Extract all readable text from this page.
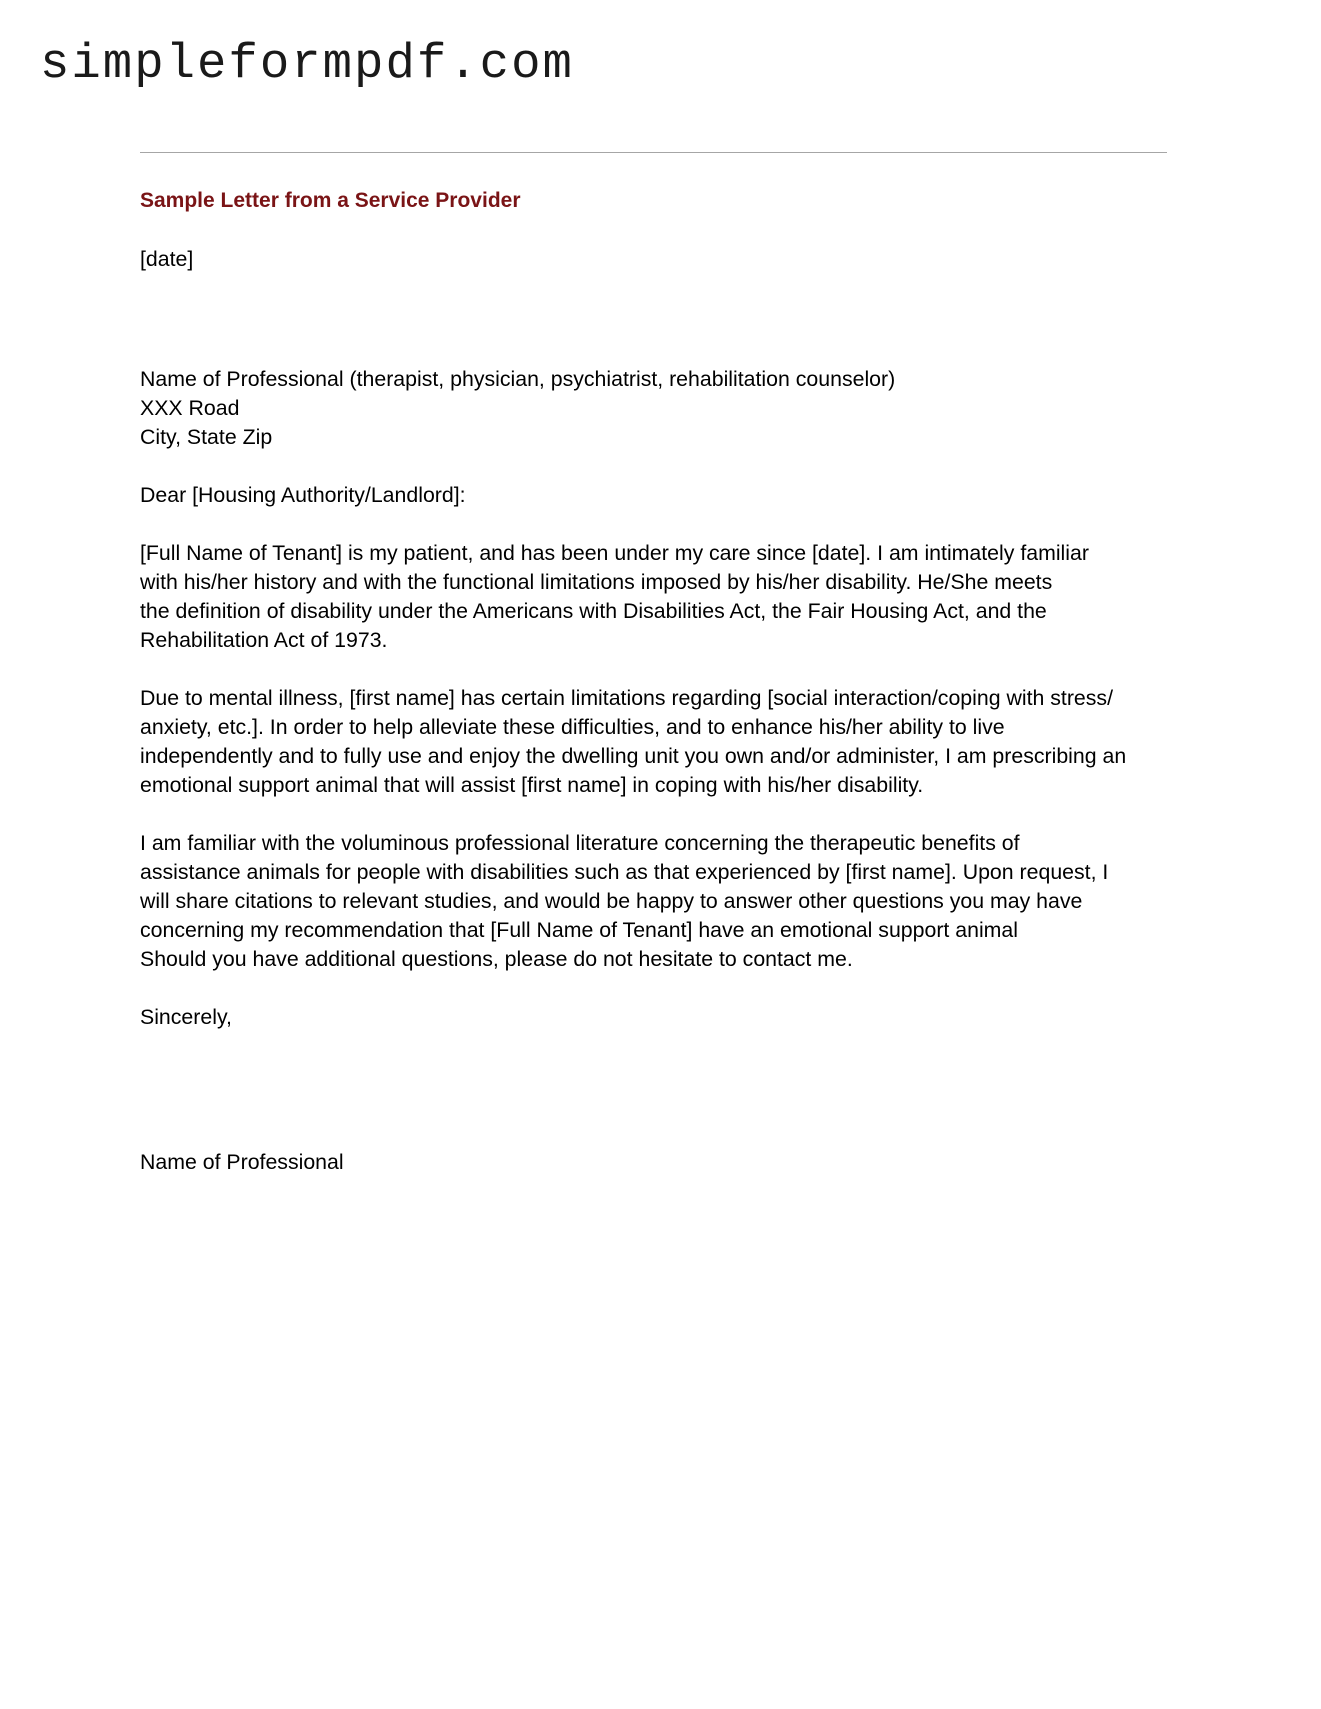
simpleformpdf.com
Sample Letter from a Service Provider
[date]
Name of Professional (therapist, physician, psychiatrist, rehabilitation counselor)
XXX Road
City, State Zip
Dear [Housing Authority/Landlord]:
[Full Name of Tenant] is my patient, and has been under my care since [date]. I am intimately familiar
with his/her history and with the functional limitations imposed by his/her disability. He/She meets
the definition of disability under the Americans with Disabilities Act, the Fair Housing Act, and the
Rehabilitation Act of 1973.
Due to mental illness, [first name] has certain limitations regarding [social interaction/coping with stress/
anxiety, etc.]. In order to help alleviate these difficulties, and to enhance his/her ability to live
independently and to fully use and enjoy the dwelling unit you own and/or administer, I am prescribing an
emotional support animal that will assist [first name] in coping with his/her disability.
I am familiar with the voluminous professional literature concerning the therapeutic benefits of
assistance animals for people with disabilities such as that experienced by [first name]. Upon request, I
will share citations to relevant studies, and would be happy to answer other questions you may have
concerning my recommendation that [Full Name of Tenant] have an emotional support animal
Should you have additional questions, please do not hesitate to contact me.
Sincerely,
Name of Professional
